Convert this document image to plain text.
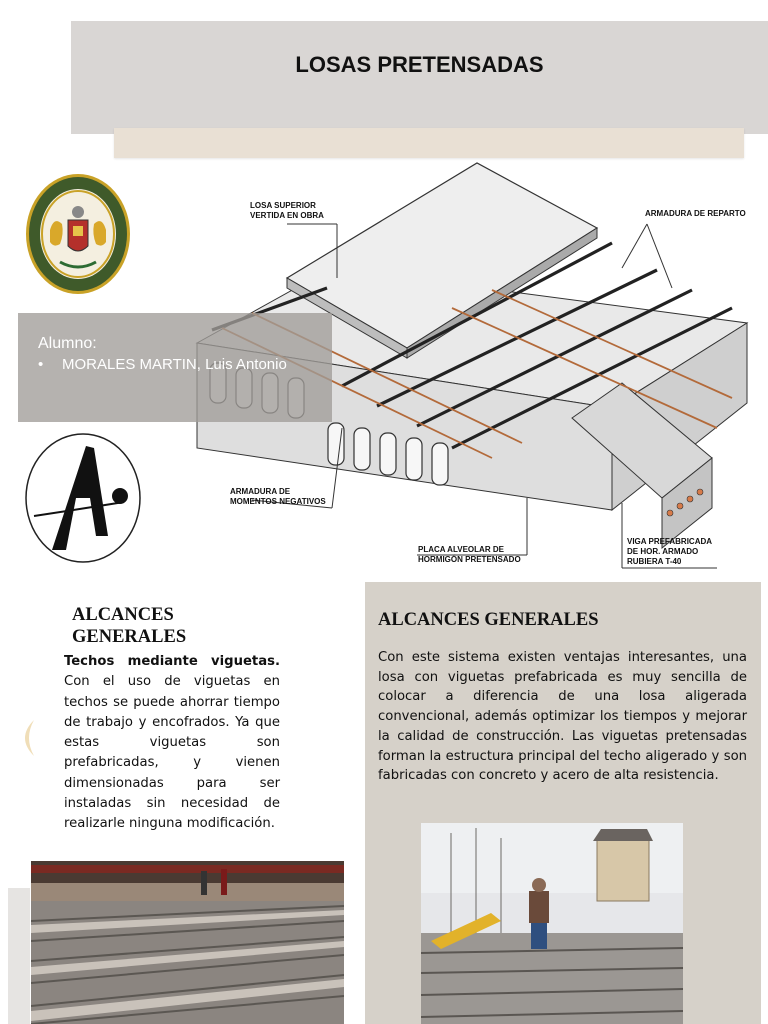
LOSAS PRETENSADAS
LOSA SUPERIOR
VERTIDA EN OBRA	ARMADURA DE REPARTO
ARMADURA DE
MOMENTOS NEGATIVOS
PLACA ALVEOLAR DE
HORMIGÓN PRETENSADO
VIGA PREFABRICADA
DE HOR. ARMADO
RUBIERA T-40
Alumno:
• MORALES MARTIN, Luis Antonio
ALCANCES
GENERALES
Techos mediante viguetas. Con el uso de viguetas en techos se puede ahorrar tiempo de trabajo y encofrados. Ya que estas viguetas son prefabricadas, y vienen dimensionadas para ser instaladas sin necesidad de realizarle ninguna modificación.
ALCANCES GENERALES
Con este sistema existen ventajas interesantes, una losa con viguetas prefabricada es muy sencilla de colocar a diferencia de una losa aligerada convencional, además optimizar los tiempos y mejorar la calidad de construcción. Las viguetas pretensadas forman la estructura principal del techo aligerado y son fabricadas con concreto y acero de alta resistencia.
